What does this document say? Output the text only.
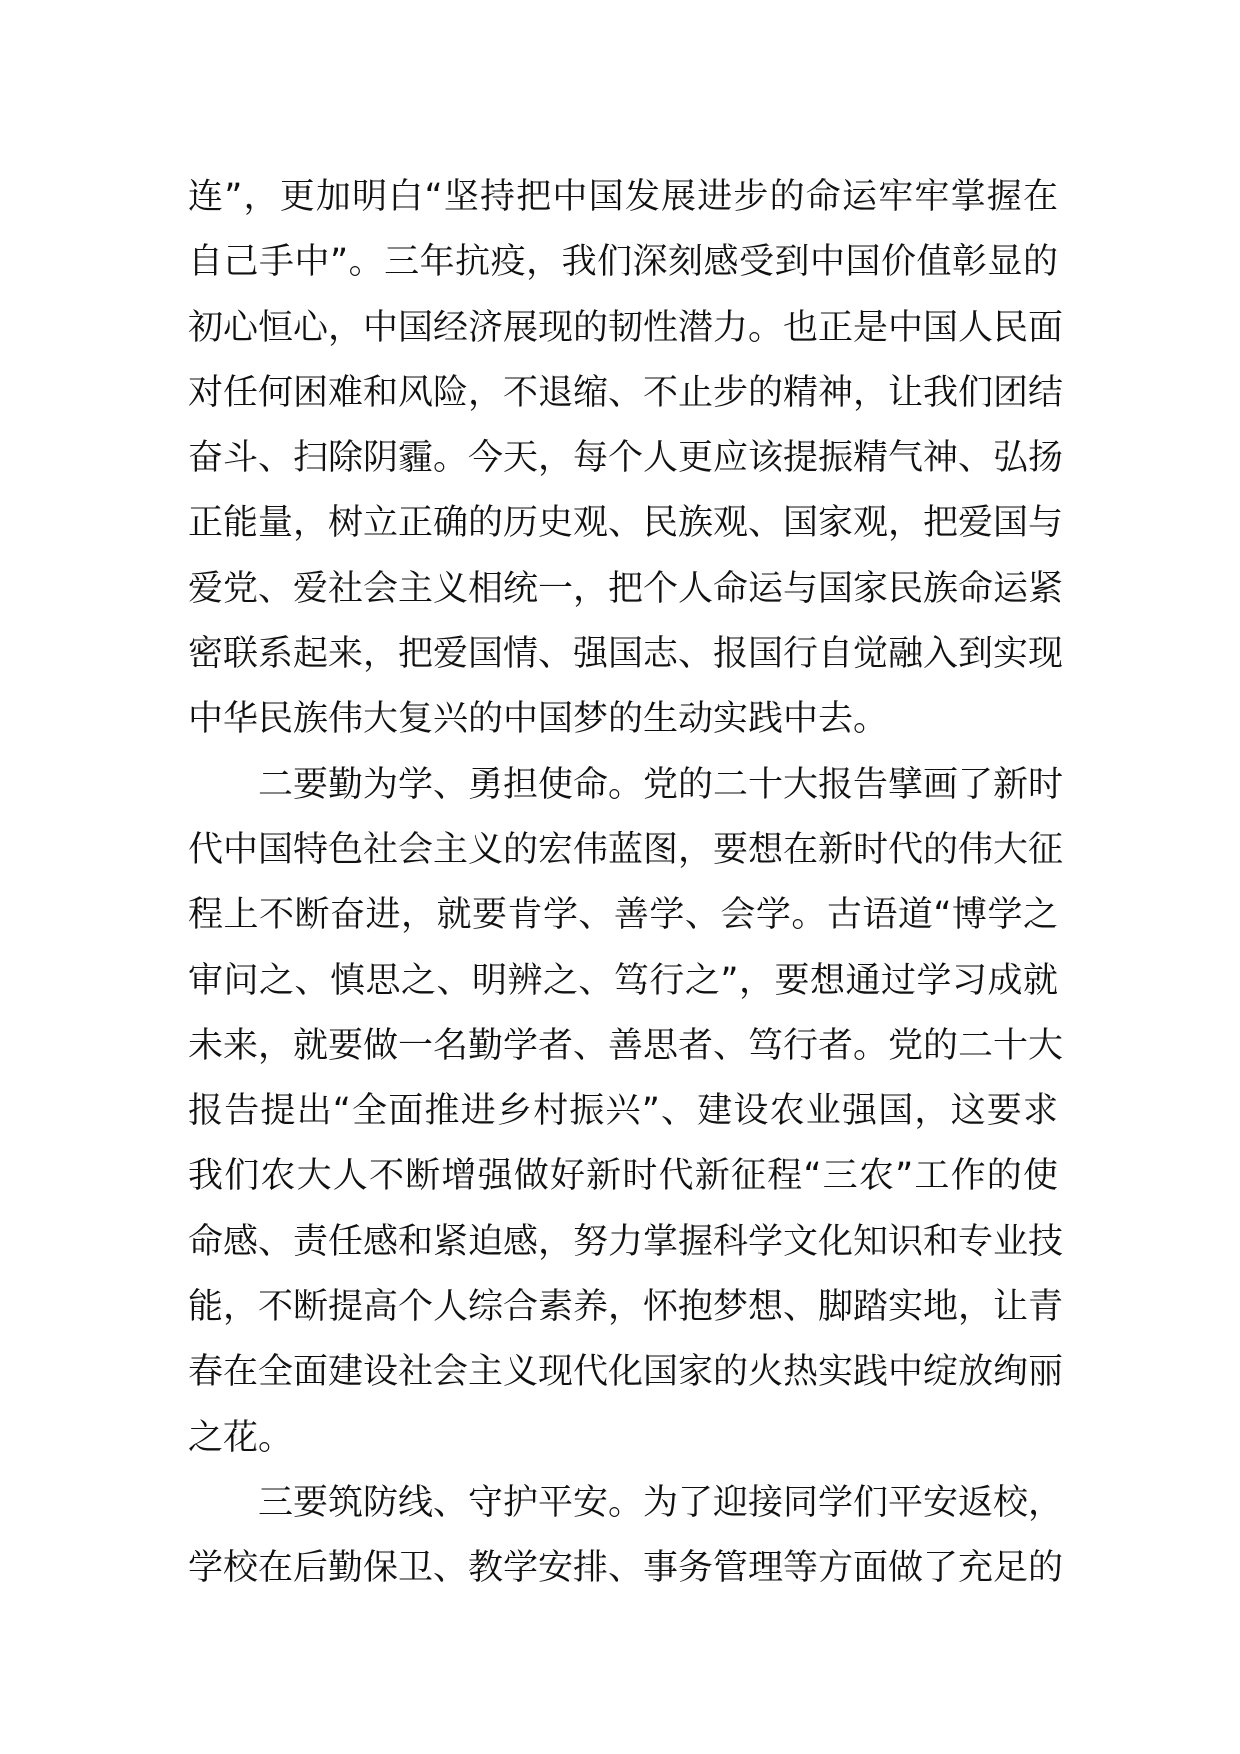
连”，更加明白“坚持把中国发展进步的命运牢牢掌握在
自己手中”。三年抗疫，我们深刻感受到中国价值彰显的
初心恒心，中国经济展现的韧性潜力。也正是中国人民面
对任何困难和风险，不退缩、不止步的精神，让我们团结
奋斗、扫除阴霾。今天，每个人更应该提振精气神、弘扬
正能量，树立正确的历史观、民族观、国家观，把爱国与
爱党、爱社会主义相统一，把个人命运与国家民族命运紧
密联系起来，把爱国情、强国志、报国行自觉融入到实现
中华民族伟大复兴的中国梦的生动实践中去。
二要勤为学、勇担使命。党的二十大报告擘画了新时
代中国特色社会主义的宏伟蓝图，要想在新时代的伟大征
程上不断奋进，就要肯学、善学、会学。古语道“博学之
审问之、慎思之、明辨之、笃行之”，要想通过学习成就
未来，就要做一名勤学者、善思者、笃行者。党的二十大
报告提出“全面推进乡村振兴”、建设农业强国，这要求
我们农大人不断增强做好新时代新征程“三农”工作的使
命感、责任感和紧迫感，努力掌握科学文化知识和专业技
能，不断提高个人综合素养，怀抱梦想、脚踏实地，让青
春在全面建设社会主义现代化国家的火热实践中绽放绚丽
之花。
三要筑防线、守护平安。为了迎接同学们平安返校，
学校在后勤保卫、教学安排、事务管理等方面做了充足的
